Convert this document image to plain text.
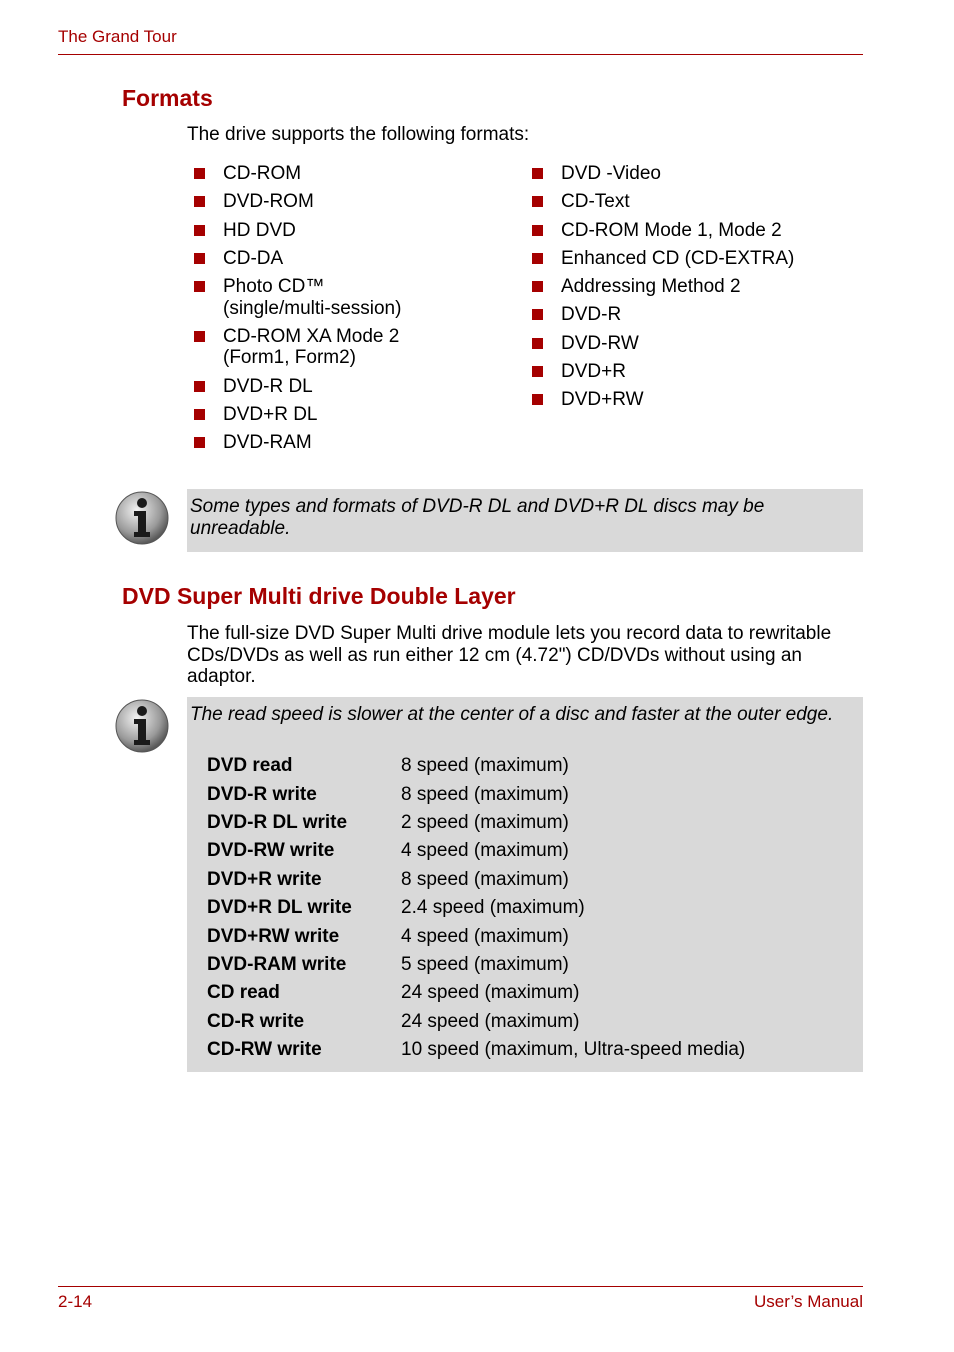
The Grand Tour
Formats
The drive supports the following formats:
CD-ROM
DVD-ROM
HD DVD
CD-DA
Photo CD™
(single/multi-session)
CD-ROM XA Mode 2
(Form1, Form2)
DVD-R DL
DVD+R DL
DVD-RAM
DVD -Video
CD-Text
CD-ROM Mode 1, Mode 2
Enhanced CD (CD-EXTRA)
Addressing Method 2
DVD-R
DVD-RW
DVD+R
DVD+RW
Some types and formats of DVD-R DL and DVD+R DL discs may be unreadable.
DVD Super Multi drive Double Layer
The full-size DVD Super Multi drive module lets you record data to rewritable CDs/DVDs as well as run either 12 cm (4.72") CD/DVDs without using an adaptor.
The read speed is slower at the center of a disc and faster at the outer edge.
DVD read	8 speed (maximum)
DVD-R write	8 speed (maximum)
DVD-R DL write	2 speed (maximum)
DVD-RW write	4 speed (maximum)
DVD+R write	8 speed (maximum)
DVD+R DL write	2.4 speed (maximum)
DVD+RW write	4 speed (maximum)
DVD-RAM write	5 speed (maximum)
CD read	24 speed (maximum)
CD-R write	24 speed (maximum)
CD-RW write	10 speed (maximum, Ultra-speed media)
2-14	User’s Manual
